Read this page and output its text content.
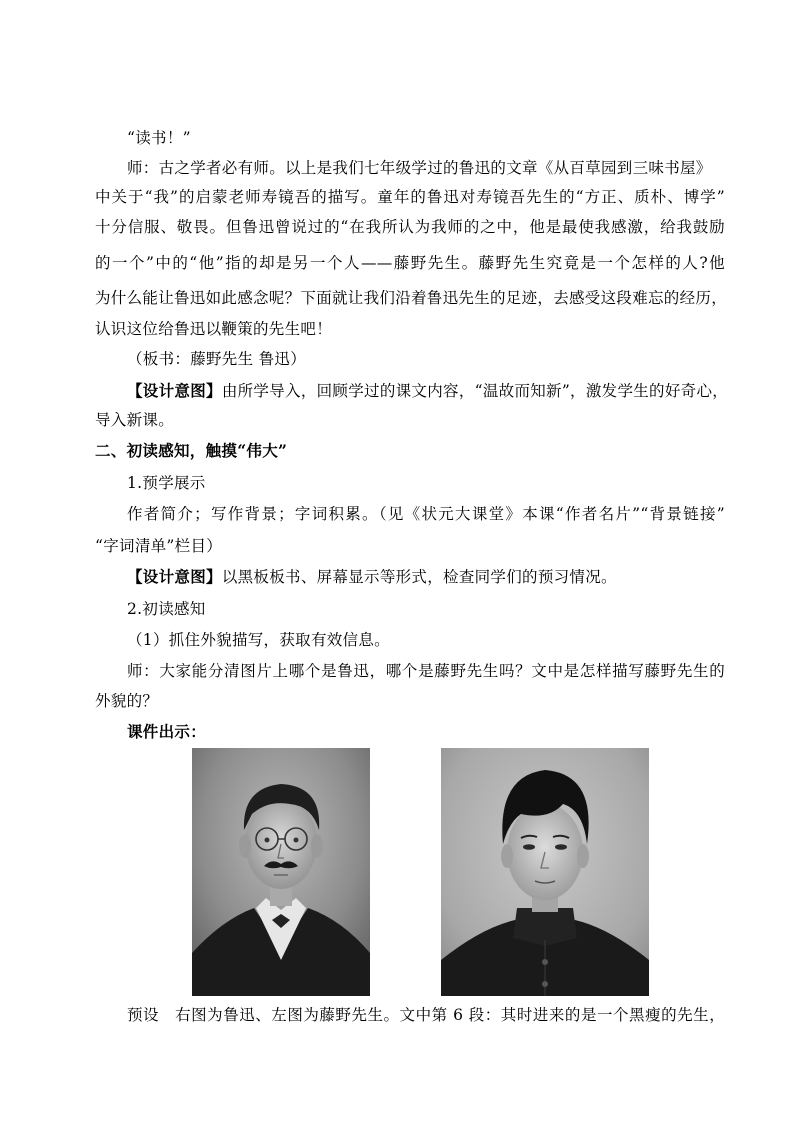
“读书！”
师：古之学者必有师。以上是我们七年级学过的鲁迅的文章《从百草园到三味书屋》
中关于“我”的启蒙老师寿镜吾的描写。童年的鲁迅对寿镜吾先生的“方正、质朴、博学”
十分信服、敬畏。但鲁迅曾说过的“在我所认为我师的之中，他是最使我感激，给我鼓励
的一个”中的“他”指的却是另一个人——藤野先生。藤野先生究竟是一个怎样的人?他
为什么能让鲁迅如此感念呢？下面就让我们沿着鲁迅先生的足迹，去感受这段难忘的经历，
认识这位给鲁迅以鞭策的先生吧！
（板书：藤野先生 鲁迅）
【设计意图】由所学导入，回顾学过的课文内容，“温故而知新”，激发学生的好奇心，
导入新课。
二、初读感知，触摸“伟大”
1.预学展示
作者简介；写作背景；字词积累。（见《状元大课堂》本课“作者名片”“背景链接”
“字词清单”栏目）
【设计意图】以黑板板书、屏幕显示等形式，检查同学们的预习情况。
2.初读感知
（1）抓住外貌描写，获取有效信息。
师：大家能分清图片上哪个是鲁迅，哪个是藤野先生吗？文中是怎样描写藤野先生的
外貌的？
课件出示：
预设　右图为鲁迅、左图为藤野先生。文中第 6 段：其时进来的是一个黑瘦的先生，
